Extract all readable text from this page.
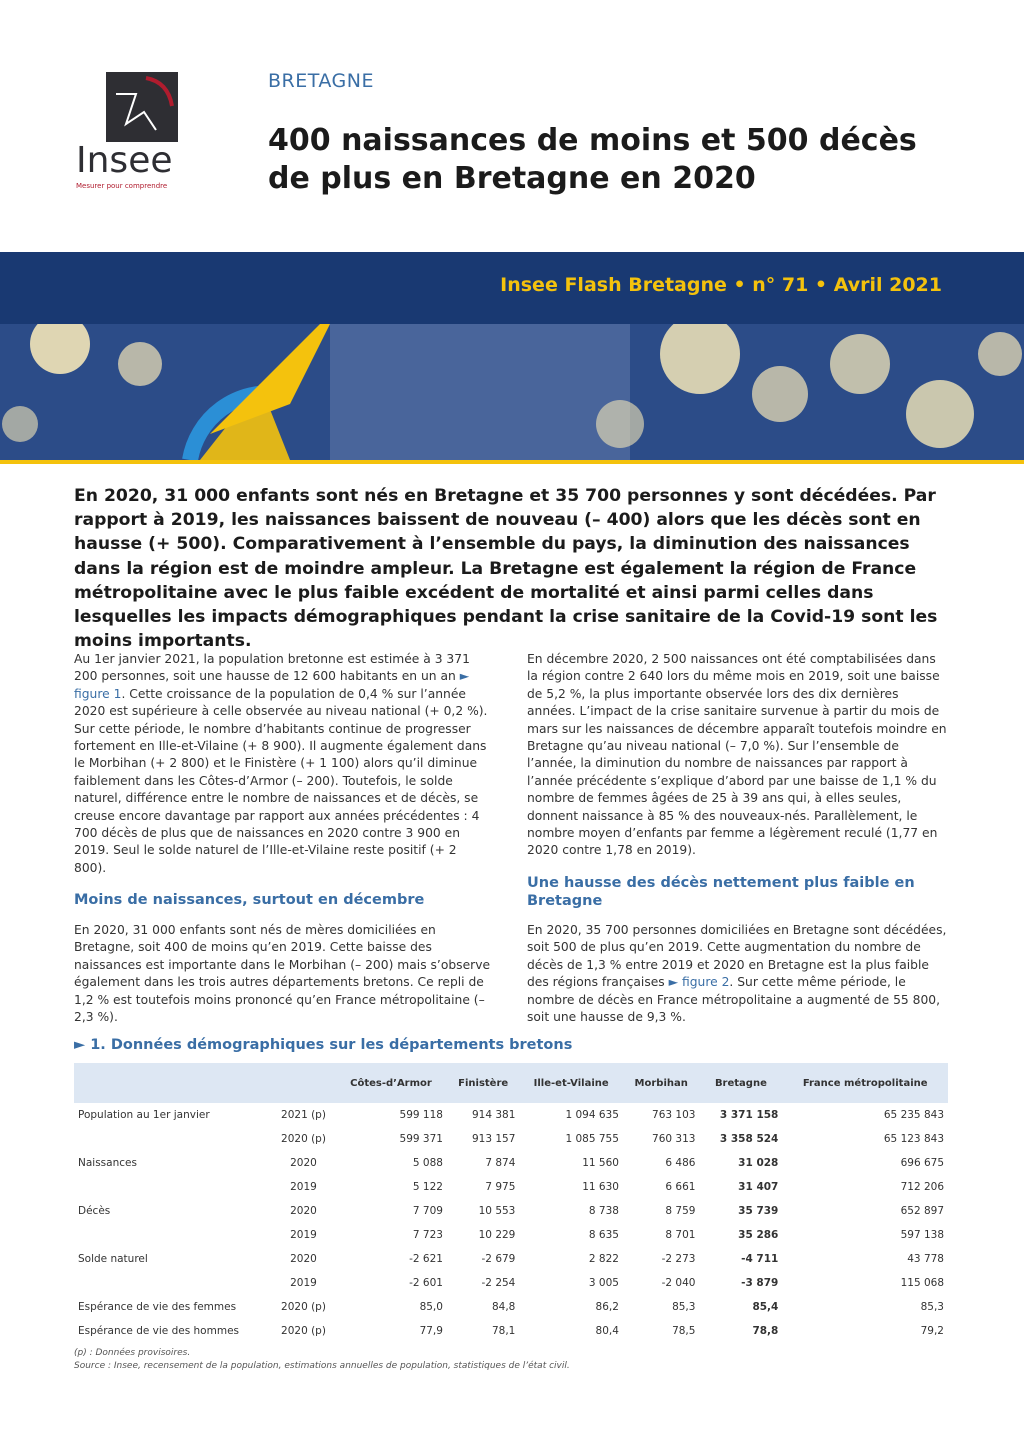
Insee
Mesurer pour comprendre
BRETAGNE
400 naissances de moins et 500 décès de plus en Bretagne en 2020
Insee Flash Bretagne • n° 71 • Avril 2021
En 2020, 31 000 enfants sont nés en Bretagne et 35 700 personnes y sont décédées. Par rapport à 2019, les naissances baissent de nouveau (– 400) alors que les décès sont en hausse (+ 500). Comparativement à l’ensemble du pays, la diminution des naissances dans la région est de moindre ampleur. La Bretagne est également la région de France métropolitaine avec le plus faible excédent de mortalité et ainsi parmi celles dans lesquelles les impacts démographiques pendant la crise sanitaire de la Covid-19 sont les moins importants.

Au 1er janvier 2021, la population bretonne est estimée à 3 371 200 personnes, soit une hausse de 12 600 habitants en un an ► figure 1. Cette croissance de la population de 0,4 % sur l’année 2020 est supérieure à celle observée au niveau national (+ 0,2 %). Sur cette période, le nombre d’habitants continue de progresser fortement en Ille-et-Vilaine (+ 8 900). Il augmente également dans le Morbihan (+ 2 800) et le Finistère (+ 1 100) alors qu’il diminue faiblement dans les Côtes-d’Armor (– 200). Toutefois, le solde naturel, différence entre le nombre de naissances et de décès, se creuse encore davantage par rapport aux années précédentes : 4 700 décès de plus que de naissances en 2020 contre 3 900 en 2019. Seul le solde naturel de l’Ille-et-Vilaine reste positif (+ 2 800).

Moins de naissances, surtout en décembre
En 2020, 31 000 enfants sont nés de mères domiciliées en Bretagne, soit 400 de moins qu’en 2019. Cette baisse des naissances est importante dans le Morbihan (– 200) mais s’observe également dans les trois autres départements bretons. Ce repli de 1,2 % est toutefois moins prononcé qu’en France métropolitaine (– 2,3 %).
En décembre 2020, 2 500 naissances ont été comptabilisées dans la région contre 2 640 lors du même mois en 2019, soit une baisse de 5,2 %, la plus importante observée lors des dix dernières années. L’impact de la crise sanitaire survenue à partir du mois de mars sur les naissances de décembre apparaît toutefois moindre en Bretagne qu’au niveau national (– 7,0 %). Sur l’ensemble de l’année, la diminution du nombre de naissances par rapport à l’année précédente s’explique d’abord par une baisse de 1,1 % du nombre de femmes âgées de 25 à 39 ans qui, à elles seules, donnent naissance à 85 % des nouveaux-nés. Parallèlement, le nombre moyen d’enfants par femme a légèrement reculé (1,77 en 2020 contre 1,78 en 2019).
Une hausse des décès nettement plus faible en Bretagne

En 2020, 35 700 personnes domiciliées en Bretagne sont décédées, soit 500 de plus qu’en 2019. Cette augmentation du nombre de décès de 1,3 % entre 2019 et 2020 en Bretagne est la plus faible des régions françaises ► figure 2. Sur cette même période, le nombre de décès en France métropolitaine a augmenté de 55 800, soit une hausse de 9,3 %.

► 1. Données démographiques sur les départements bretons
		Côtes-d’Armor	Finistère	Ille-et-Vilaine	Morbihan	Bretagne	France métropolitaine
Population au 1er janvier	2021 (p)	599 118	914 381	1 094 635	763 103	3 371 158	65 235 843
	2020 (p)	599 371	913 157	1 085 755	760 313	3 358 524	65 123 843
Naissances	2020	5 088	7 874	11 560	6 486	31 028	696 675
	2019	5 122	7 975	11 630	6 661	31 407	712 206
Décès	2020	7 709	10 553	8 738	8 759	35 739	652 897
	2019	7 723	10 229	8 635	8 701	35 286	597 138
Solde naturel	2020	-2 621	-2 679	2 822	-2 273	-4 711	43 778
	2019	-2 601	-2 254	3 005	-2 040	-3 879	115 068
Espérance de vie des femmes	2020 (p)	85,0	84,8	86,2	85,3	85,4	85,3
Espérance de vie des hommes	2020 (p)	77,9	78,1	80,4	78,5	78,8	79,2
(p) : Données provisoires.
Source : Insee, recensement de la population, estimations annuelles de population, statistiques de l’état civil.
